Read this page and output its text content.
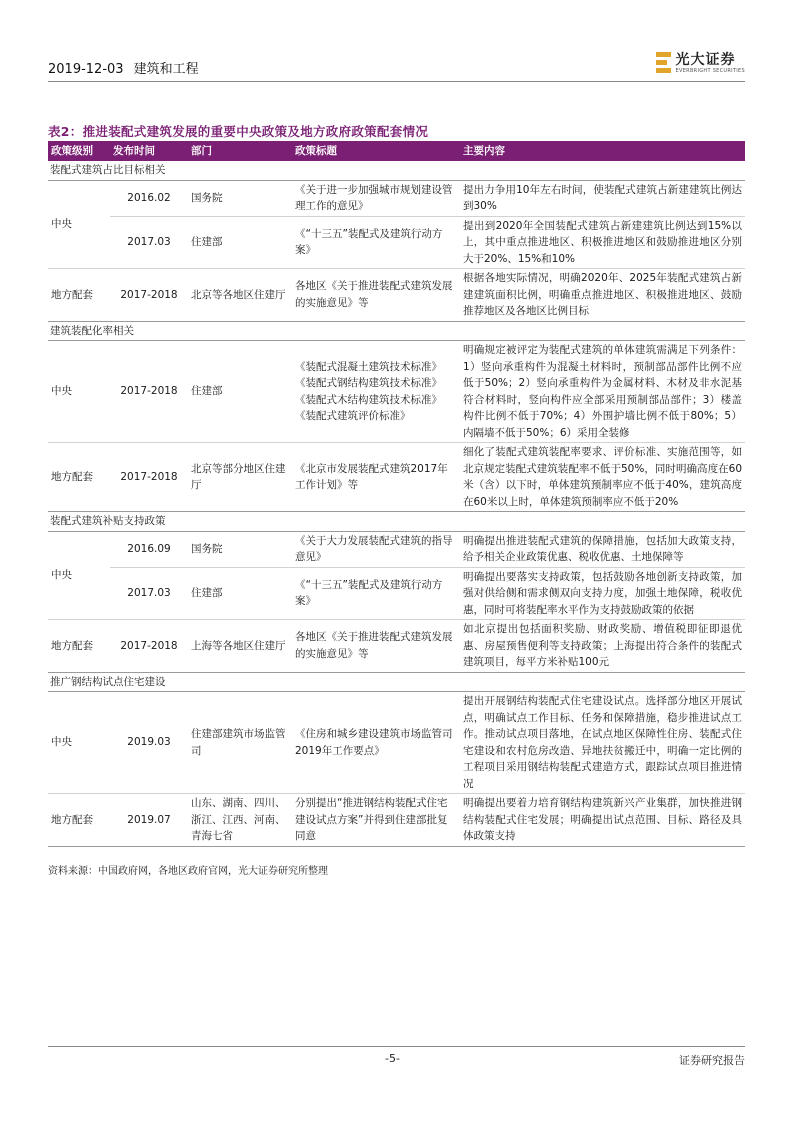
2019-12-03 建筑和工程
光大证券
EVERBRIGHT SECURITIES
表2：推进装配式建筑发展的重要中央政策及地方政府政策配套情况
政策级别	发布时间	部门	政策标题	主要内容
装配式建筑占比目标相关				
中央	2016.02	国务院	《关于进一步加强城市规划建设管理工作的意见》	提出力争用10年左右时间，使装配式建筑占新建建筑比例达到30%
	2017.03	住建部	《“十三五”装配式及建筑行动方案》	提出到2020年全国装配式建筑占新建建筑比例达到15%以上，其中重点推进地区、积极推进地区和鼓励推进地区分别大于20%、15%和10%
地方配套	2017-2018	北京等各地区住建厅	各地区《关于推进装配式建筑发展的实施意见》等	根据各地实际情况，明确2020年、2025年装配式建筑占新建建筑面积比例，明确重点推进地区、积极推进地区、鼓励推荐地区及各地区比例目标
建筑装配化率相关				
中央	2017-2018	住建部	《装配式混凝土建筑技术标准》《装配式钢结构建筑技术标准》《装配式木结构建筑技术标准》《装配式建筑评价标准》	明确规定被评定为装配式建筑的单体建筑需满足下列条件：1）竖向承重构件为混凝土材料时，预制部品部件比例不应低于50%；2）竖向承重构件为金属材料、木材及非水泥基符合材料时，竖向构件应全部采用预制部品部件；3）楼盖构件比例不低于70%；4）外围护墙比例不低于80%；5）内隔墙不低于50%；6）采用全装修
地方配套	2017-2018	北京等部分地区住建厅	《北京市发展装配式建筑2017年工作计划》等	细化了装配式建筑装配率要求、评价标准、实施范围等，如北京规定装配式建筑装配率不低于50%，同时明确高度在60米（含）以下时，单体建筑预制率应不低于40%，建筑高度在60米以上时，单体建筑预制率应不低于20%
装配式建筑补贴支持政策				
中央	2016.09	国务院	《关于大力发展装配式建筑的指导意见》	明确提出推进装配式建筑的保障措施，包括加大政策支持，给予相关企业政策优惠、税收优惠、土地保障等
	2017.03	住建部	《“十三五”装配式及建筑行动方案》	明确提出要落实支持政策，包括鼓励各地创新支持政策，加强对供给侧和需求侧双向支持力度，加强土地保障，税收优惠，同时可将装配率水平作为支持鼓励政策的依据
地方配套	2017-2018	上海等各地区住建厅	各地区《关于推进装配式建筑发展的实施意见》等	如北京提出包括面积奖励、财政奖励、增值税即征即退优惠、房屋预售便利等支持政策；上海提出符合条件的装配式建筑项目，每平方米补贴100元
推广钢结构试点住宅建设				
中央	2019.03	住建部建筑市场监管司	《住房和城乡建设建筑市场监管司2019年工作要点》	提出开展钢结构装配式住宅建设试点。选择部分地区开展试点，明确试点工作目标、任务和保障措施，稳步推进试点工作。推动试点项目落地，在试点地区保障性住房、装配式住宅建设和农村危房改造、异地扶贫搬迁中，明确一定比例的工程项目采用钢结构装配式建造方式，跟踪试点项目推进情况
地方配套	2019.07	山东、湖南、四川、浙江、江西、河南、青海七省	分别提出“推进钢结构装配式住宅建设试点方案”并得到住建部批复同意	明确提出要着力培育钢结构建筑新兴产业集群，加快推进钢结构装配式住宅发展；明确提出试点范围、目标、路径及具体政策支持
资料来源：中国政府网，各地区政府官网，光大证券研究所整理
-5-	证券研究报告
